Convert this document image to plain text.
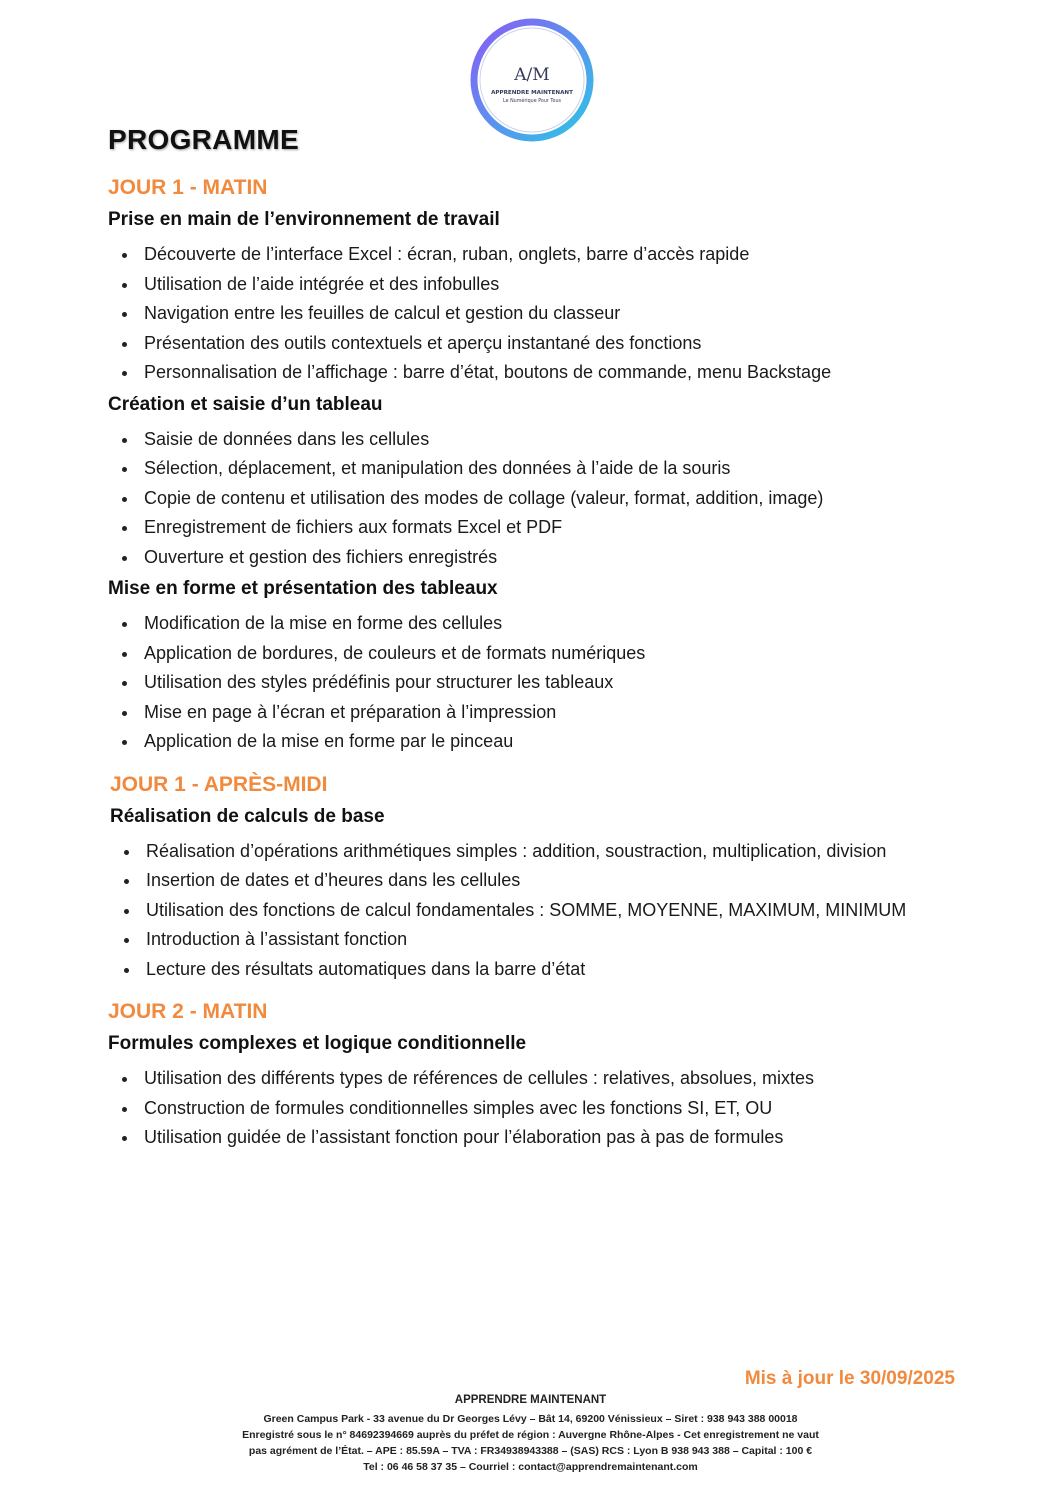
A/M
APPRENDRE MAINTENANT
Le Numérique Pour Tous
PROGRAMME
JOUR 1 - MATIN
Prise en main de l’environnement de travail
Découverte de l’interface Excel : écran, ruban, onglets, barre d’accès rapide
Utilisation de l’aide intégrée et des infobulles
Navigation entre les feuilles de calcul et gestion du classeur
Présentation des outils contextuels et aperçu instantané des fonctions
Personnalisation de l’affichage : barre d’état, boutons de commande, menu Backstage
Création et saisie d’un tableau
Saisie de données dans les cellules
Sélection, déplacement, et manipulation des données à l’aide de la souris
Copie de contenu et utilisation des modes de collage (valeur, format, addition, image)
Enregistrement de fichiers aux formats Excel et PDF
Ouverture et gestion des fichiers enregistrés
Mise en forme et présentation des tableaux
Modification de la mise en forme des cellules
Application de bordures, de couleurs et de formats numériques
Utilisation des styles prédéfinis pour structurer les tableaux
Mise en page à l’écran et préparation à l’impression
Application de la mise en forme par le pinceau
JOUR 1 - APRÈS-MIDI
Réalisation de calculs de base
Réalisation d’opérations arithmétiques simples : addition, soustraction, multiplication, division
Insertion de dates et d’heures dans les cellules
Utilisation des fonctions de calcul fondamentales : SOMME, MOYENNE, MAXIMUM, MINIMUM
Introduction à l’assistant fonction
Lecture des résultats automatiques dans la barre d’état
JOUR 2 - MATIN
Formules complexes et logique conditionnelle
Utilisation des différents types de références de cellules : relatives, absolues, mixtes
Construction de formules conditionnelles simples avec les fonctions SI, ET, OU
Utilisation guidée de l’assistant fonction pour l’élaboration pas à pas de formules
Mis à jour le 30/09/2025
APPRENDRE MAINTENANT
Green Campus Park - 33 avenue du Dr Georges Lévy – Bât 14, 69200 Vénissieux – Siret : 938 943 388 00018
Enregistré sous le n° 84692394669 auprès du préfet de région : Auvergne Rhône-Alpes - Cet enregistrement ne vaut
pas agrément de l’État. – APE : 85.59A – TVA : FR34938943388 – (SAS) RCS : Lyon B 938 943 388 – Capital : 100 €
Tel : 06 46 58 37 35 – Courriel : contact@apprendremaintenant.com
